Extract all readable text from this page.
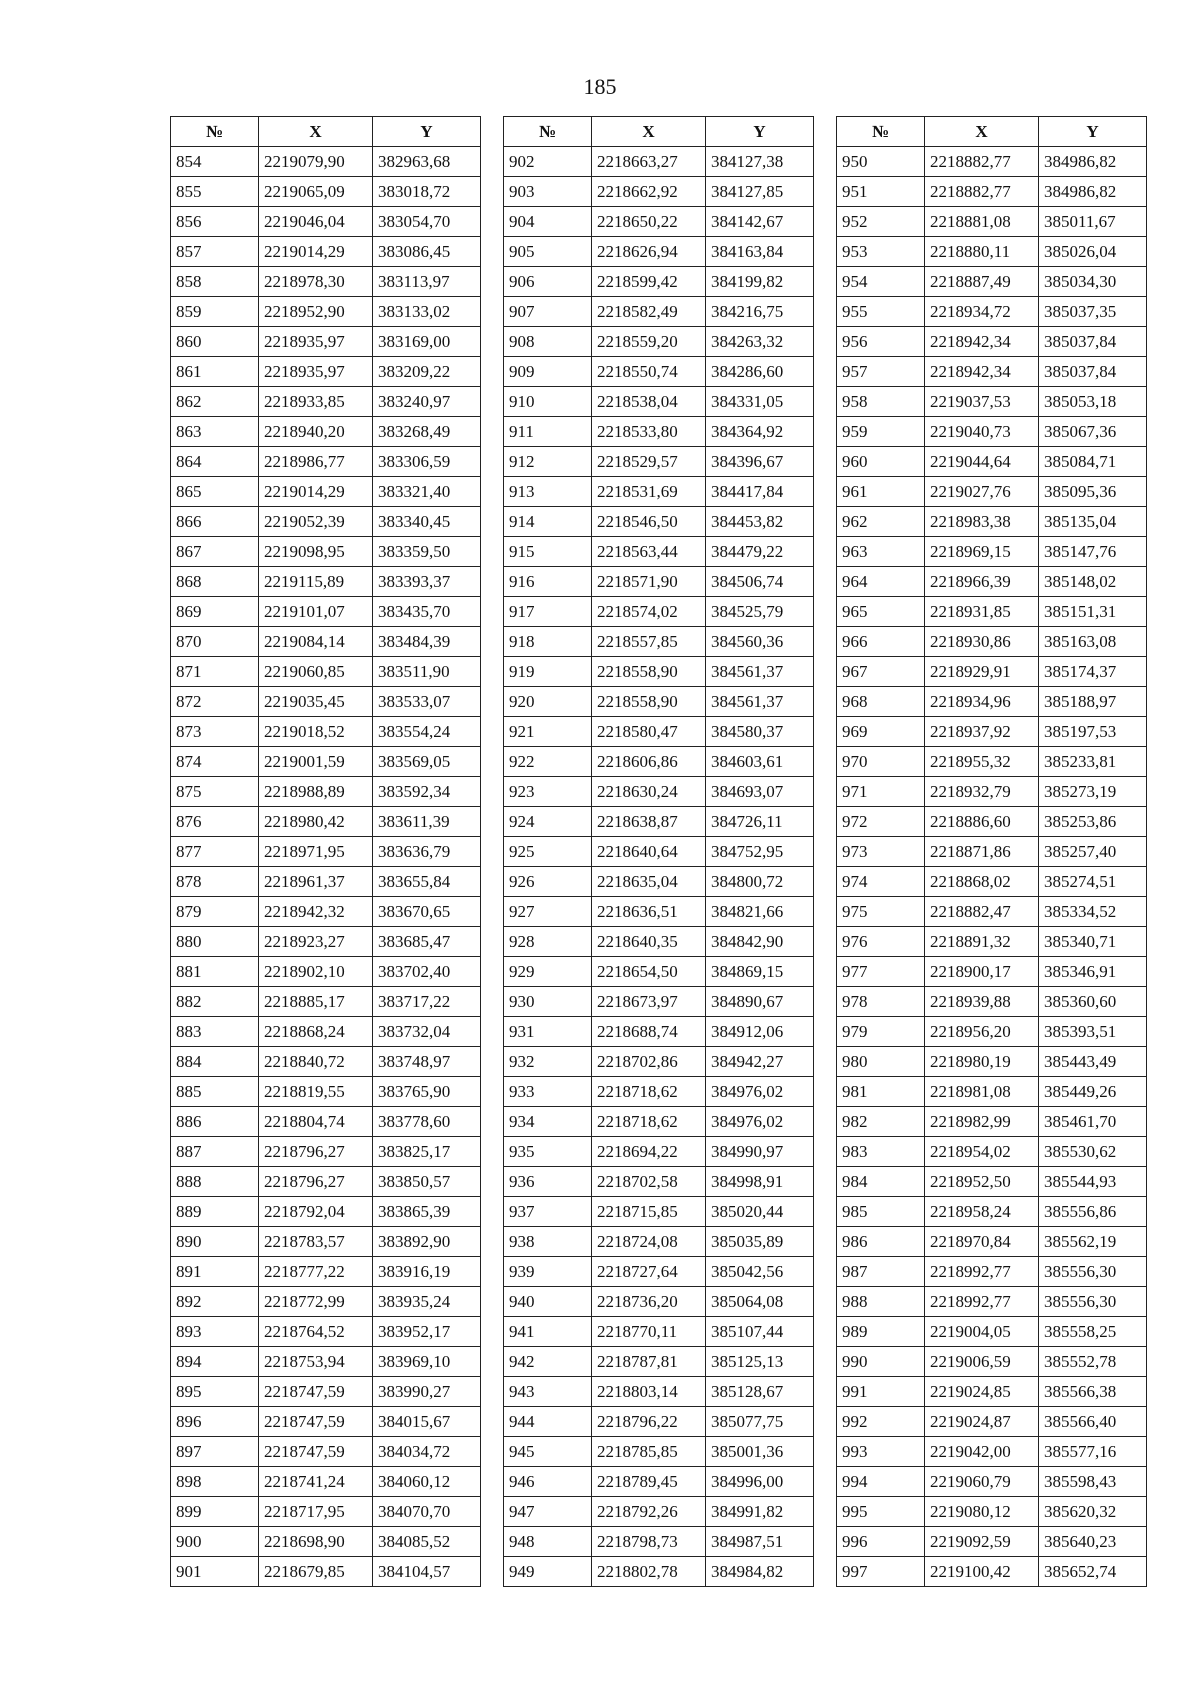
185
№	X	Y
854	2219079,90	382963,68
855	2219065,09	383018,72
856	2219046,04	383054,70
857	2219014,29	383086,45
858	2218978,30	383113,97
859	2218952,90	383133,02
860	2218935,97	383169,00
861	2218935,97	383209,22
862	2218933,85	383240,97
863	2218940,20	383268,49
864	2218986,77	383306,59
865	2219014,29	383321,40
866	2219052,39	383340,45
867	2219098,95	383359,50
868	2219115,89	383393,37
869	2219101,07	383435,70
870	2219084,14	383484,39
871	2219060,85	383511,90
872	2219035,45	383533,07
873	2219018,52	383554,24
874	2219001,59	383569,05
875	2218988,89	383592,34
876	2218980,42	383611,39
877	2218971,95	383636,79
878	2218961,37	383655,84
879	2218942,32	383670,65
880	2218923,27	383685,47
881	2218902,10	383702,40
882	2218885,17	383717,22
883	2218868,24	383732,04
884	2218840,72	383748,97
885	2218819,55	383765,90
886	2218804,74	383778,60
887	2218796,27	383825,17
888	2218796,27	383850,57
889	2218792,04	383865,39
890	2218783,57	383892,90
891	2218777,22	383916,19
892	2218772,99	383935,24
893	2218764,52	383952,17
894	2218753,94	383969,10
895	2218747,59	383990,27
896	2218747,59	384015,67
897	2218747,59	384034,72
898	2218741,24	384060,12
899	2218717,95	384070,70
900	2218698,90	384085,52
901	2218679,85	384104,57
№	X	Y
902	2218663,27	384127,38
903	2218662,92	384127,85
904	2218650,22	384142,67
905	2218626,94	384163,84
906	2218599,42	384199,82
907	2218582,49	384216,75
908	2218559,20	384263,32
909	2218550,74	384286,60
910	2218538,04	384331,05
911	2218533,80	384364,92
912	2218529,57	384396,67
913	2218531,69	384417,84
914	2218546,50	384453,82
915	2218563,44	384479,22
916	2218571,90	384506,74
917	2218574,02	384525,79
918	2218557,85	384560,36
919	2218558,90	384561,37
920	2218558,90	384561,37
921	2218580,47	384580,37
922	2218606,86	384603,61
923	2218630,24	384693,07
924	2218638,87	384726,11
925	2218640,64	384752,95
926	2218635,04	384800,72
927	2218636,51	384821,66
928	2218640,35	384842,90
929	2218654,50	384869,15
930	2218673,97	384890,67
931	2218688,74	384912,06
932	2218702,86	384942,27
933	2218718,62	384976,02
934	2218718,62	384976,02
935	2218694,22	384990,97
936	2218702,58	384998,91
937	2218715,85	385020,44
938	2218724,08	385035,89
939	2218727,64	385042,56
940	2218736,20	385064,08
941	2218770,11	385107,44
942	2218787,81	385125,13
943	2218803,14	385128,67
944	2218796,22	385077,75
945	2218785,85	385001,36
946	2218789,45	384996,00
947	2218792,26	384991,82
948	2218798,73	384987,51
949	2218802,78	384984,82
№	X	Y
950	2218882,77	384986,82
951	2218882,77	384986,82
952	2218881,08	385011,67
953	2218880,11	385026,04
954	2218887,49	385034,30
955	2218934,72	385037,35
956	2218942,34	385037,84
957	2218942,34	385037,84
958	2219037,53	385053,18
959	2219040,73	385067,36
960	2219044,64	385084,71
961	2219027,76	385095,36
962	2218983,38	385135,04
963	2218969,15	385147,76
964	2218966,39	385148,02
965	2218931,85	385151,31
966	2218930,86	385163,08
967	2218929,91	385174,37
968	2218934,96	385188,97
969	2218937,92	385197,53
970	2218955,32	385233,81
971	2218932,79	385273,19
972	2218886,60	385253,86
973	2218871,86	385257,40
974	2218868,02	385274,51
975	2218882,47	385334,52
976	2218891,32	385340,71
977	2218900,17	385346,91
978	2218939,88	385360,60
979	2218956,20	385393,51
980	2218980,19	385443,49
981	2218981,08	385449,26
982	2218982,99	385461,70
983	2218954,02	385530,62
984	2218952,50	385544,93
985	2218958,24	385556,86
986	2218970,84	385562,19
987	2218992,77	385556,30
988	2218992,77	385556,30
989	2219004,05	385558,25
990	2219006,59	385552,78
991	2219024,85	385566,38
992	2219024,87	385566,40
993	2219042,00	385577,16
994	2219060,79	385598,43
995	2219080,12	385620,32
996	2219092,59	385640,23
997	2219100,42	385652,74
